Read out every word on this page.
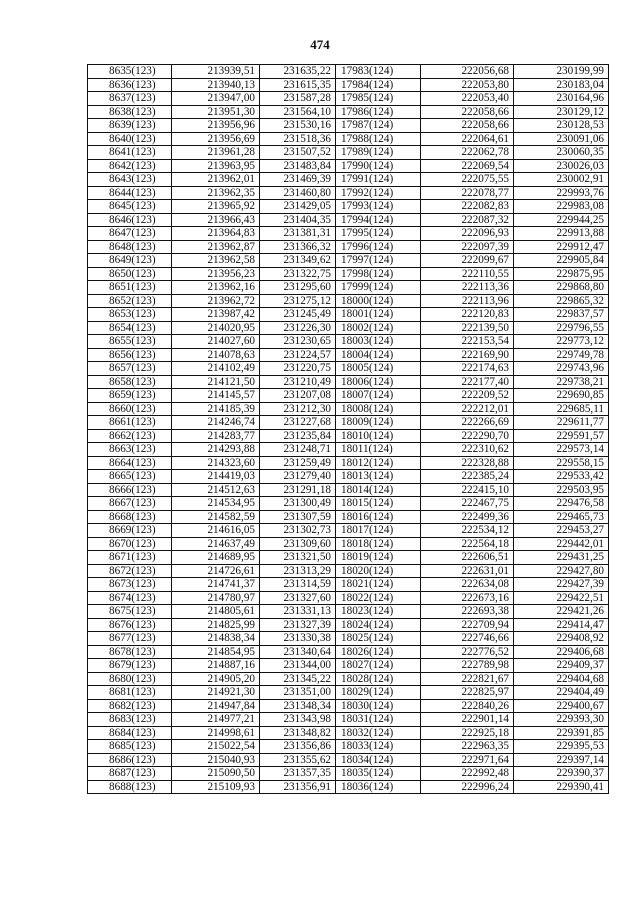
474
8635(123)	213939,51	231635,22	17983(124)	222056,68	230199,99
8636(123)	213940,13	231615,35	17984(124)	222053,80	230183,04
8637(123)	213947,00	231587,28	17985(124)	222053,40	230164,96
8638(123)	213951,30	231564,10	17986(124)	222058,66	230129,12
8639(123)	213956,96	231530,16	17987(124)	222058,66	230128,53
8640(123)	213956,69	231518,36	17988(124)	222064,61	230091,06
8641(123)	213961,28	231507,52	17989(124)	222062,78	230060,35
8642(123)	213963,95	231483,84	17990(124)	222069,54	230026,03
8643(123)	213962,01	231469,39	17991(124)	222075,55	230002,91
8644(123)	213962,35	231460,80	17992(124)	222078,77	229993,76
8645(123)	213965,92	231429,05	17993(124)	222082,83	229983,08
8646(123)	213966,43	231404,35	17994(124)	222087,32	229944,25
8647(123)	213964,83	231381,31	17995(124)	222096,93	229913,88
8648(123)	213962,87	231366,32	17996(124)	222097,39	229912,47
8649(123)	213962,58	231349,62	17997(124)	222099,67	229905,84
8650(123)	213956,23	231322,75	17998(124)	222110,55	229875,95
8651(123)	213962,16	231295,60	17999(124)	222113,36	229868,80
8652(123)	213962,72	231275,12	18000(124)	222113,96	229865,32
8653(123)	213987,42	231245,49	18001(124)	222120,83	229837,57
8654(123)	214020,95	231226,30	18002(124)	222139,50	229796,55
8655(123)	214027,60	231230,65	18003(124)	222153,54	229773,12
8656(123)	214078,63	231224,57	18004(124)	222169,90	229749,78
8657(123)	214102,49	231220,75	18005(124)	222174,63	229743,96
8658(123)	214121,50	231210,49	18006(124)	222177,40	229738,21
8659(123)	214145,57	231207,08	18007(124)	222209,52	229690,85
8660(123)	214185,39	231212,30	18008(124)	222212,01	229685,11
8661(123)	214246,74	231227,68	18009(124)	222266,69	229611,77
8662(123)	214283,77	231235,84	18010(124)	222290,70	229591,57
8663(123)	214293,88	231248,71	18011(124)	222310,62	229573,14
8664(123)	214323,60	231259,49	18012(124)	222328,88	229558,15
8665(123)	214419,03	231279,40	18013(124)	222385,24	229533,42
8666(123)	214512,63	231291,18	18014(124)	222415,10	229503,95
8667(123)	214534,95	231300,49	18015(124)	222467,75	229476,58
8668(123)	214582,59	231307,59	18016(124)	222499,36	229465,73
8669(123)	214616,05	231302,73	18017(124)	222534,12	229453,27
8670(123)	214637,49	231309,60	18018(124)	222564,18	229442,01
8671(123)	214689,95	231321,50	18019(124)	222606,51	229431,25
8672(123)	214726,61	231313,29	18020(124)	222631,01	229427,80
8673(123)	214741,37	231314,59	18021(124)	222634,08	229427,39
8674(123)	214780,97	231327,60	18022(124)	222673,16	229422,51
8675(123)	214805,61	231331,13	18023(124)	222693,38	229421,26
8676(123)	214825,99	231327,39	18024(124)	222709,94	229414,47
8677(123)	214838,34	231330,38	18025(124)	222746,66	229408,92
8678(123)	214854,95	231340,64	18026(124)	222776,52	229406,68
8679(123)	214887,16	231344,00	18027(124)	222789,98	229409,37
8680(123)	214905,20	231345,22	18028(124)	222821,67	229404,68
8681(123)	214921,30	231351,00	18029(124)	222825,97	229404,49
8682(123)	214947,84	231348,34	18030(124)	222840,26	229400,67
8683(123)	214977,21	231343,98	18031(124)	222901,14	229393,30
8684(123)	214998,61	231348,82	18032(124)	222925,18	229391,85
8685(123)	215022,54	231356,86	18033(124)	222963,35	229395,53
8686(123)	215040,93	231355,62	18034(124)	222971,64	229397,14
8687(123)	215090,50	231357,35	18035(124)	222992,48	229390,37
8688(123)	215109,93	231356,91	18036(124)	222996,24	229390,41
